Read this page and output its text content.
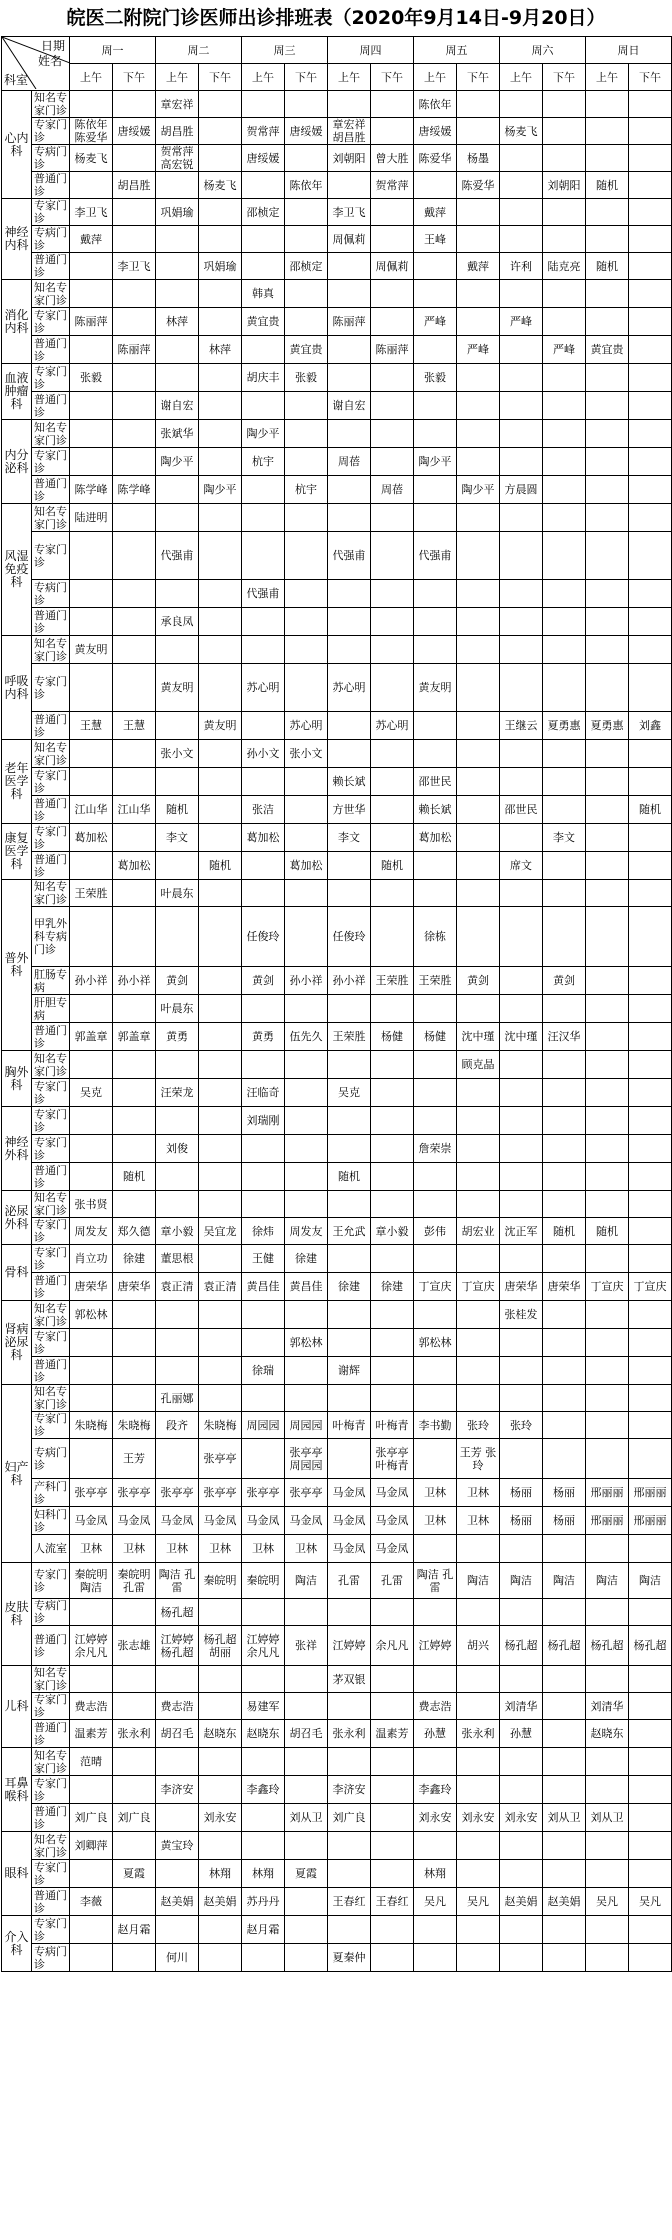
皖医二附院门诊医师出诊排班表（2020年9月14日-9月20日）
日期
姓名
科室		周一		周二		周三		周四		周五		周六		周日	
		上午	下午	上午	下午	上午	下午	上午	下午	上午	下午	上午	下午	上午	下午
心内科	知名专家门诊			章宏祥						陈依年					
	专家门诊	陈依年 陈爱华	唐绥媛	胡昌胜		贺常萍	唐绥媛	章宏祥 胡昌胜		唐绥媛		杨麦飞			
	专病门诊	杨麦飞		贺常萍 高宏锐		唐绥媛		刘朝阳	曾大胜	陈爱华	杨墨				
	普通门诊		胡昌胜		杨麦飞		陈依年		贺常萍		陈爱华		刘朝阳	随机	
神经内科	专家门诊	李卫飞		巩娟瑜		邵桢定		李卫飞		戴萍					
	专病门诊	戴萍						周佩莉		王峰					
	普通门诊		李卫飞		巩娟瑜		邵桢定		周佩莉		戴萍	许利	陆克亮	随机	
消化内科	知名专家门诊					韩真									
	专家门诊	陈丽萍		林萍		黄宜贵		陈丽萍		严峰		严峰			
	普通门诊		陈丽萍		林萍		黄宜贵		陈丽萍		严峰		严峰	黄宜贵	
血液肿瘤科	专家门诊	张毅				胡庆丰	张毅			张毅					
	普通门诊			谢自宏				谢自宏							
内分泌科	知名专家门诊			张斌华		陶少平									
	专家门诊			陶少平		杭宇		周蓓		陶少平					
	普通门诊	陈学峰	陈学峰		陶少平		杭宇		周蓓		陶少平	方晨圆			
风湿免疫科	知名专家门诊	陆进明													
	专家门诊			代强甫				代强甫		代强甫					
	专病门诊					代强甫									
	普通门诊			承良凤											
呼吸内科	知名专家门诊	黄友明													
	专家门诊			黄友明		苏心明		苏心明		黄友明					
	普通门诊	王慧	王慧		黄友明		苏心明		苏心明			王继云	夏勇惠	夏勇惠	刘鑫
老年医学科	知名专家门诊			张小文		孙小文	张小文								
	专家门诊							赖长斌		邵世民					
	普通门诊	江山华	江山华	随机		张洁		方世华		赖长斌		邵世民			随机
康复医学科	专家门诊	葛加松		李文		葛加松		李文		葛加松			李文		
	普通门诊		葛加松		随机		葛加松		随机			席文			
普外科	知名专家门诊	王荣胜		叶晨东											
	甲乳外科专病门诊					任俊玲		任俊玲		徐栋					
	肛肠专病	孙小祥	孙小祥	黄剑		黄剑	孙小祥	孙小祥	王荣胜	王荣胜	黄剑		黄剑		
	肝胆专病			叶晨东											
	普通门诊	郭盖章	郭盖章	黄勇		黄勇	伍先久	王荣胜	杨健	杨健	沈中瑾	沈中瑾	汪汉华		
胸外科	知名专家门诊										顾克晶				
	专家门诊	吴克		汪荣龙		汪临奇		吴克							
神经外科	专家门诊					刘瑞刚									
	专家门诊			刘俊						詹荣崇					
	普通门诊		随机					随机							
泌尿外科	知名专家门诊	张书贤													
	专家门诊	周发友	郑久德	章小毅	吴宜龙	徐炜	周发友	王允武	章小毅	彭伟	胡宏业	沈正军	随机	随机	
骨科	专家门诊	肖立功	徐建	董思根		王健	徐建								
	普通门诊	唐荣华	唐荣华	袁正清	袁正清	黄昌佳	黄昌佳	徐建	徐建	丁宣庆	丁宣庆	唐荣华	唐荣华	丁宣庆	丁宣庆
肾病泌尿科	知名专家门诊	郭松林										张桂发			
	专家门诊						郭松林			郭松林					
	普通门诊					徐瑞		谢辉							
妇产科	知名专家门诊			孔丽娜											
	专家门诊	朱晓梅	朱晓梅	段齐	朱晓梅	周园园	周园园	叶梅青	叶梅青	李书勤	张玲	张玲			
	专病门诊		王芳		张亭亭		张亭亭 周园园		张亭亭 叶梅青		王芳 张玲				
	产科门诊	张亭亭	张亭亭	张亭亭	张亭亭	张亭亭	张亭亭	马金凤	马金凤	卫林	卫林	杨丽	杨丽	邢丽丽	邢丽丽
	妇科门诊	马金凤	马金凤	马金凤	马金凤	马金凤	马金凤	马金凤	马金凤	卫林	卫林	杨丽	杨丽	邢丽丽	邢丽丽
	人流室	卫林	卫林	卫林	卫林	卫林	卫林	马金凤	马金凤						
皮肤科	专家门诊	秦皖明 陶洁	秦皖明 孔雷	陶洁 孔雷	秦皖明	秦皖明	陶洁	孔雷	孔雷	陶洁 孔雷	陶洁	陶洁	陶洁	陶洁	陶洁
	专病门诊			杨孔超											
	普通门诊	江婷婷 余凡凡	张志雄	江婷婷 杨孔超	杨孔超 胡丽	江婷婷 余凡凡	张祥	江婷婷	余凡凡	江婷婷	胡兴	杨孔超	杨孔超	杨孔超	杨孔超
儿科	知名专家门诊							茅双银							
	专家门诊	费志浩		费志浩		易建军				费志浩		刘清华		刘清华	
	普通门诊	温素芳	张永利	胡召毛	赵晓东	赵晓东	胡召毛	张永利	温素芳	孙慧	张永利	孙慧		赵晓东	
耳鼻喉科	知名专家门诊	范晴													
	专家门诊			李济安		李鑫玲		李济安		李鑫玲					
	普通门诊	刘广良	刘广良		刘永安		刘从卫	刘广良		刘永安	刘永安	刘永安	刘从卫	刘从卫	
眼科	知名专家门诊	刘卿萍		黄宝玲											
	专家门诊		夏霞		林翔	林翔	夏霞			林翔					
	普通门诊	李薇		赵美娟	赵美娟	苏丹丹		王春红	王春红	吴凡	吴凡	赵美娟	赵美娟	吴凡	吴凡
介入科	专家门诊		赵月霜			赵月霜									
	专病门诊			何川				夏秦仲							
